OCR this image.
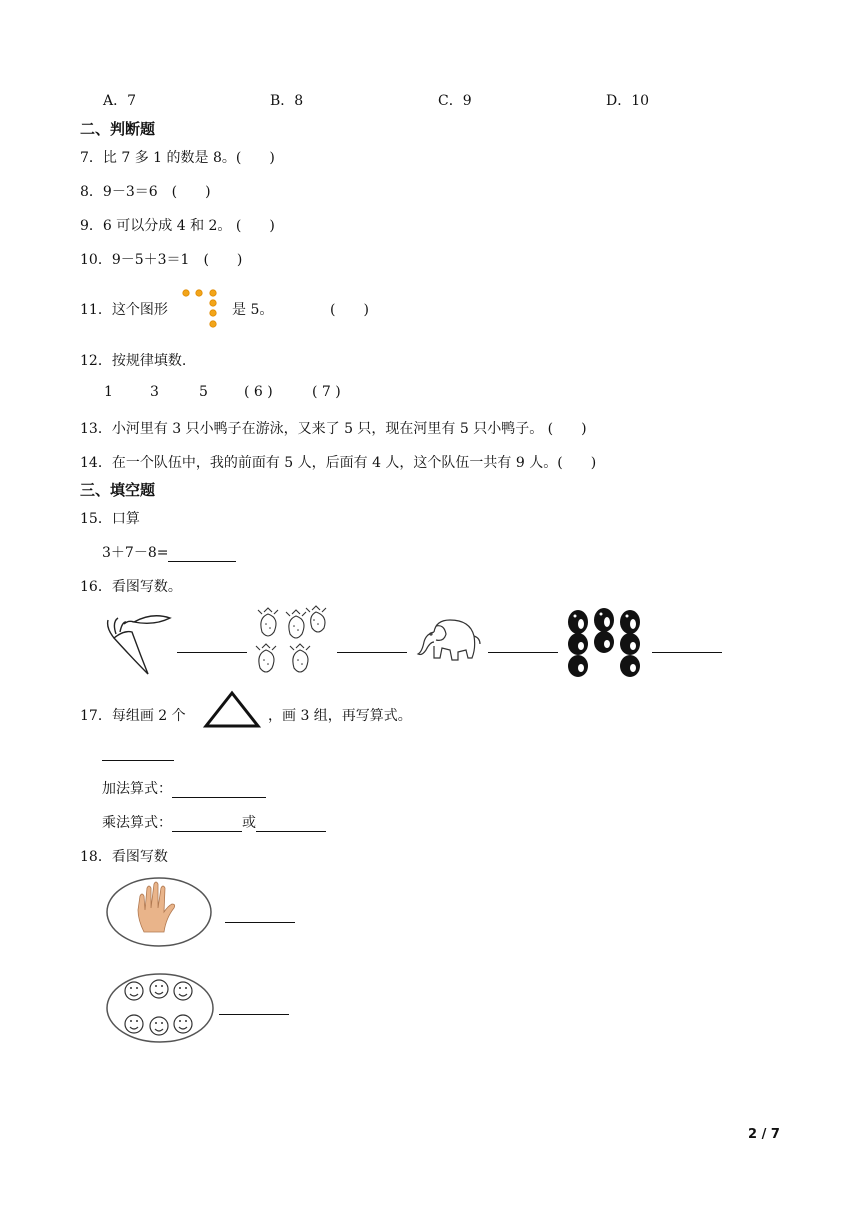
A．7	B．8	C．9	D．10
二、判断题
7．比 7 多 1 的数是 8。(　　)
8．9－3＝6　(　　)
9．6 可以分成 4 和 2。 (　　)
10．9－5＋3＝1　(　　)
11．这个图形	是 5。	(　　)
12．按规律填数.
1	3	5	( 6 )	( 7 )
13．小河里有 3 只小鸭子在游泳，又来了 5 只，现在河里有 5 只小鸭子。 (　　)
14．在一个队伍中，我的前面有 5 人，后面有 4 人，这个队伍一共有 9 人。(　　)
三、填空题
15．口算
3＋7－8=
16．看图写数。
17．每组画 2 个	，画 3 组，再写算式。
加法算式：
乘法算式：	或
18．看图写数
2 / 7
